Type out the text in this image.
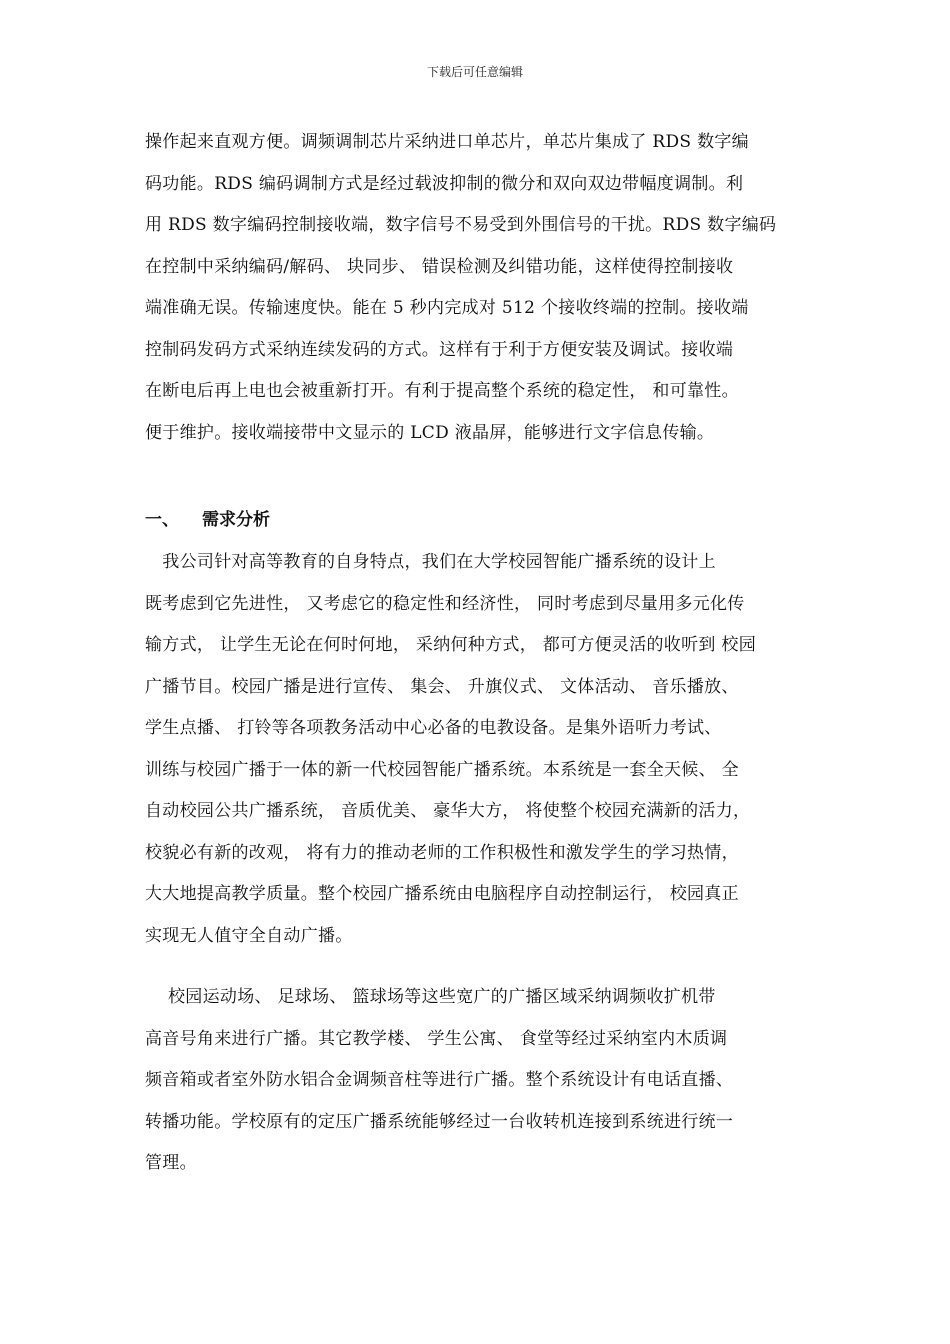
下载后可任意编辑
操作起来直观方便。调频调制芯片采纳进口单芯片，单芯片集成了 RDS 数字编
码功能。RDS 编码调制方式是经过载波抑制的微分和双向双边带幅度调制。利
用 RDS 数字编码控制接收端，数字信号不易受到外围信号的干扰。RDS 数字编码
在控制中采纳编码/解码、 块同步、 错误检测及纠错功能，这样使得控制接收
端准确无误。传输速度快。能在 5 秒内完成对 512 个接收终端的控制。接收端
控制码发码方式采纳连续发码的方式。这样有于利于方便安装及调试。接收端
在断电后再上电也会被重新打开。有利于提高整个系统的稳定性， 和可靠性。
便于维护。接收端接带中文显示的 LCD 液晶屏，能够进行文字信息传输。
一、 需求分析
　我公司针对高等教育的自身特点，我们在大学校园智能广播系统的设计上
既考虑到它先进性， 又考虑它的稳定性和经济性， 同时考虑到尽量用多元化传
输方式， 让学生无论在何时何地， 采纳何种方式， 都可方便灵活的收听到 校园
广播节目。校园广播是进行宣传、 集会、 升旗仪式、 文体活动、 音乐播放、
学生点播、 打铃等各项教务活动中心必备的电教设备。是集外语听力考试、
训练与校园广播于一体的新一代校园智能广播系统。本系统是一套全天候、 全
自动校园公共广播系统， 音质优美、 豪华大方， 将使整个校园充满新的活力，
校貌必有新的改观， 将有力的推动老师的工作积极性和激发学生的学习热情，
大大地提高教学质量。整个校园广播系统由电脑程序自动控制运行， 校园真正
实现无人值守全自动广播。
　 校园运动场、 足球场、 篮球场等这些宽广的广播区域采纳调频收扩机带
高音号角来进行广播。其它教学楼、 学生公寓、 食堂等经过采纳室内木质调
频音箱或者室外防水铝合金调频音柱等进行广播。整个系统设计有电话直播、
转播功能。学校原有的定压广播系统能够经过一台收转机连接到系统进行统一
管理。
